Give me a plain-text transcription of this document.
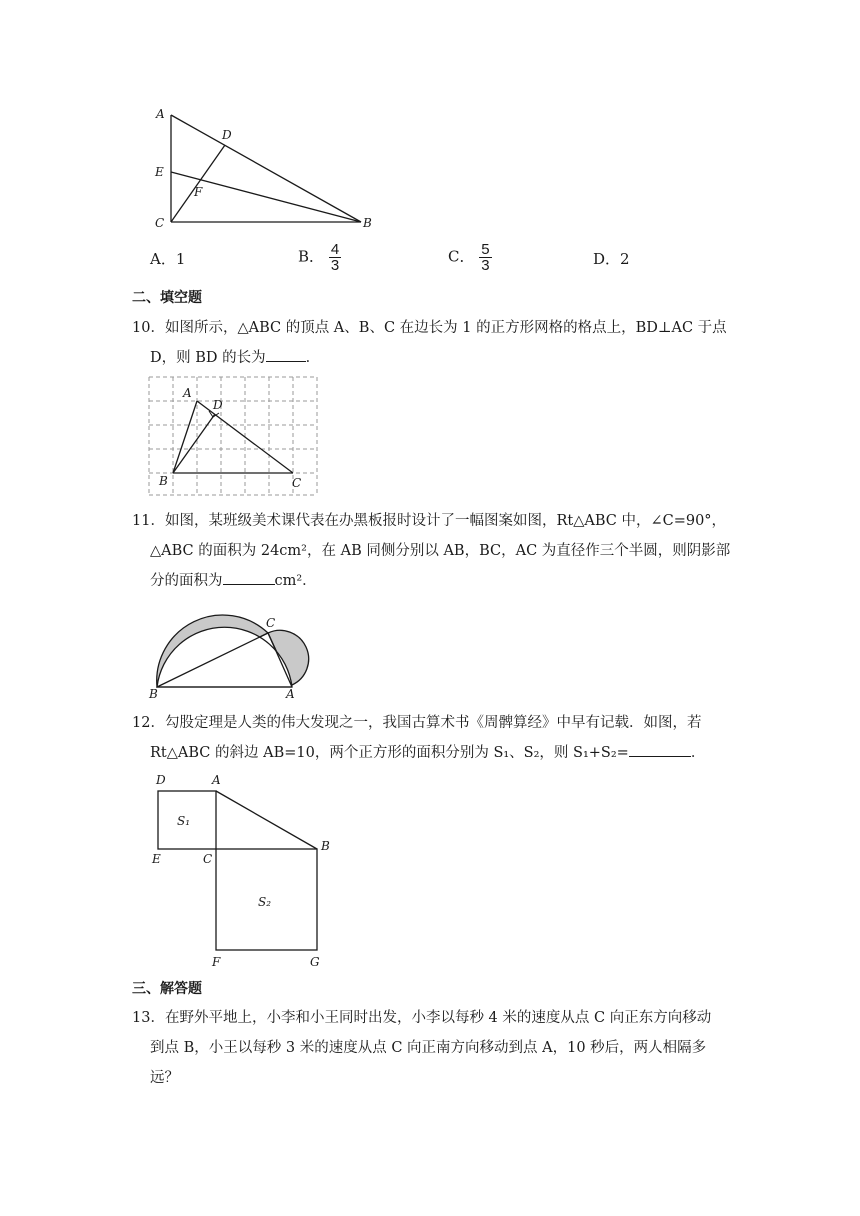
A
D
E
F
C	B
A．1	B． $\frac{4}{3}$	C． $\frac{5}{3}$	D．2
二、填空题
10．如图所示，△ABC 的顶点 A、B、C 在边长为 1 的正方形网格的格点上，BD⊥AC 于点
D，则 BD 的长为	．
A
D
B	C
11．如图，某班级美术课代表在办黑板报时设计了一幅图案如图，Rt△ABC 中，∠C=90°，
△ABC 的面积为 24cm²，在 AB 同侧分别以 AB，BC，AC 为直径作三个半圆，则阴影部
分的面积为	cm²．
C
B	A
12．勾股定理是人类的伟大发现之一，我国古算术书《周髀算经》中早有记载．如图，若
Rt△ABC 的斜边 AB=10，两个正方形的面积分别为 S₁、S₂，则 S₁+S₂=	．
D	A
S₁
E	C
B
S₂
F	G
三、解答题
13．在野外平地上，小李和小王同时出发，小李以每秒 4 米的速度从点 C 向正东方向移动
到点 B，小王以每秒 3 米的速度从点 C 向正南方向移动到点 A，10 秒后，两人相隔多远？
